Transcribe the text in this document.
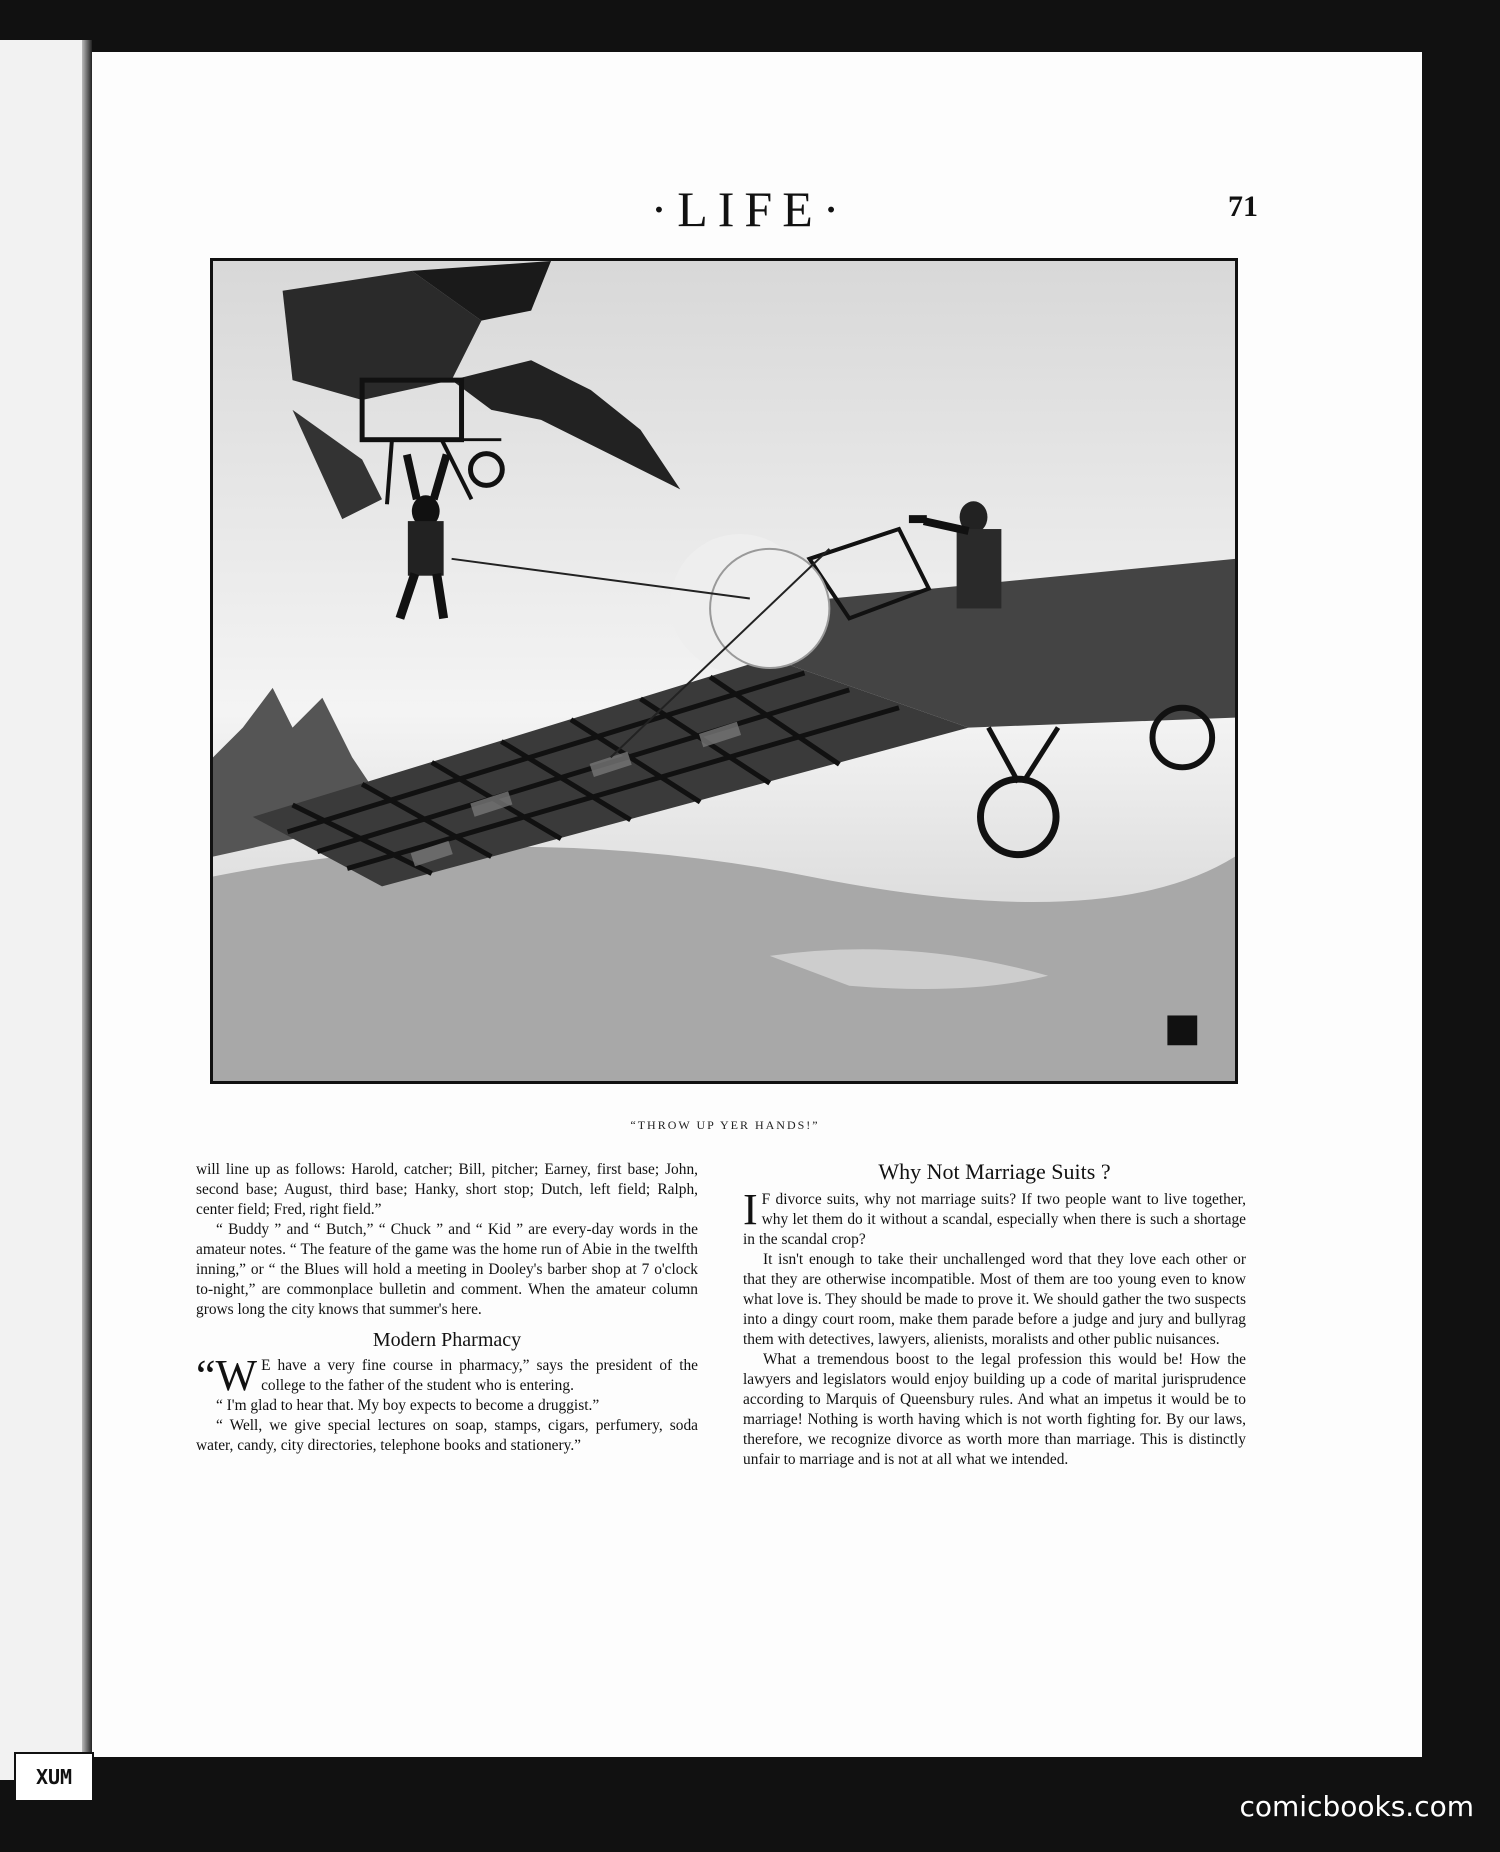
·LIFE·	71
“THROW UP YER HANDS!”

will line up as follows: Harold, catcher; Bill, pitcher; Earney, first base; John, second base; August, third base; Hanky, short stop; Dutch, left field; Ralph, center field; Fred, right field.”

“ Buddy ” and “ Butch,” “ Chuck ” and “ Kid ” are every-day words in the amateur notes. “ The feature of the game was the home run of Abie in the twelfth inning,” or “ the Blues will hold a meeting in Dooley's barber shop at 7 o'clock to-night,” are commonplace bulletin and comment. When the amateur column grows long the city knows that summer's here.

Modern Pharmacy

“W E have a very fine course in pharmacy,” says the president of the college to the father of the student who is entering.

“ I'm glad to hear that. My boy expects to become a druggist.”

“ Well, we give special lectures on soap, stamps, cigars, perfumery, soda water, candy, city directories, telephone books and stationery.”

Why Not Marriage Suits ?

I F divorce suits, why not marriage suits? If two people want to live together, why let them do it without a scandal, especially when there is such a shortage in the scandal crop?

It isn't enough to take their unchallenged word that they love each other or that they are otherwise incompatible. Most of them are too young even to know what love is. They should be made to prove it. We should gather the two suspects into a dingy court room, make them parade before a judge and jury and bullyrag them with detectives, lawyers, alienists, moralists and other public nuisances.

What a tremendous boost to the legal profession this would be! How the lawyers and legislators would enjoy building up a code of marital jurisprudence according to Marquis of Queensbury rules. And what an impetus it would be to marriage! Nothing is worth having which is not worth fighting for. By our laws, therefore, we recognize divorce as worth more than marriage. This is distinctly unfair to marriage and is not at all what we intended.

XUM
comicbooks.com
